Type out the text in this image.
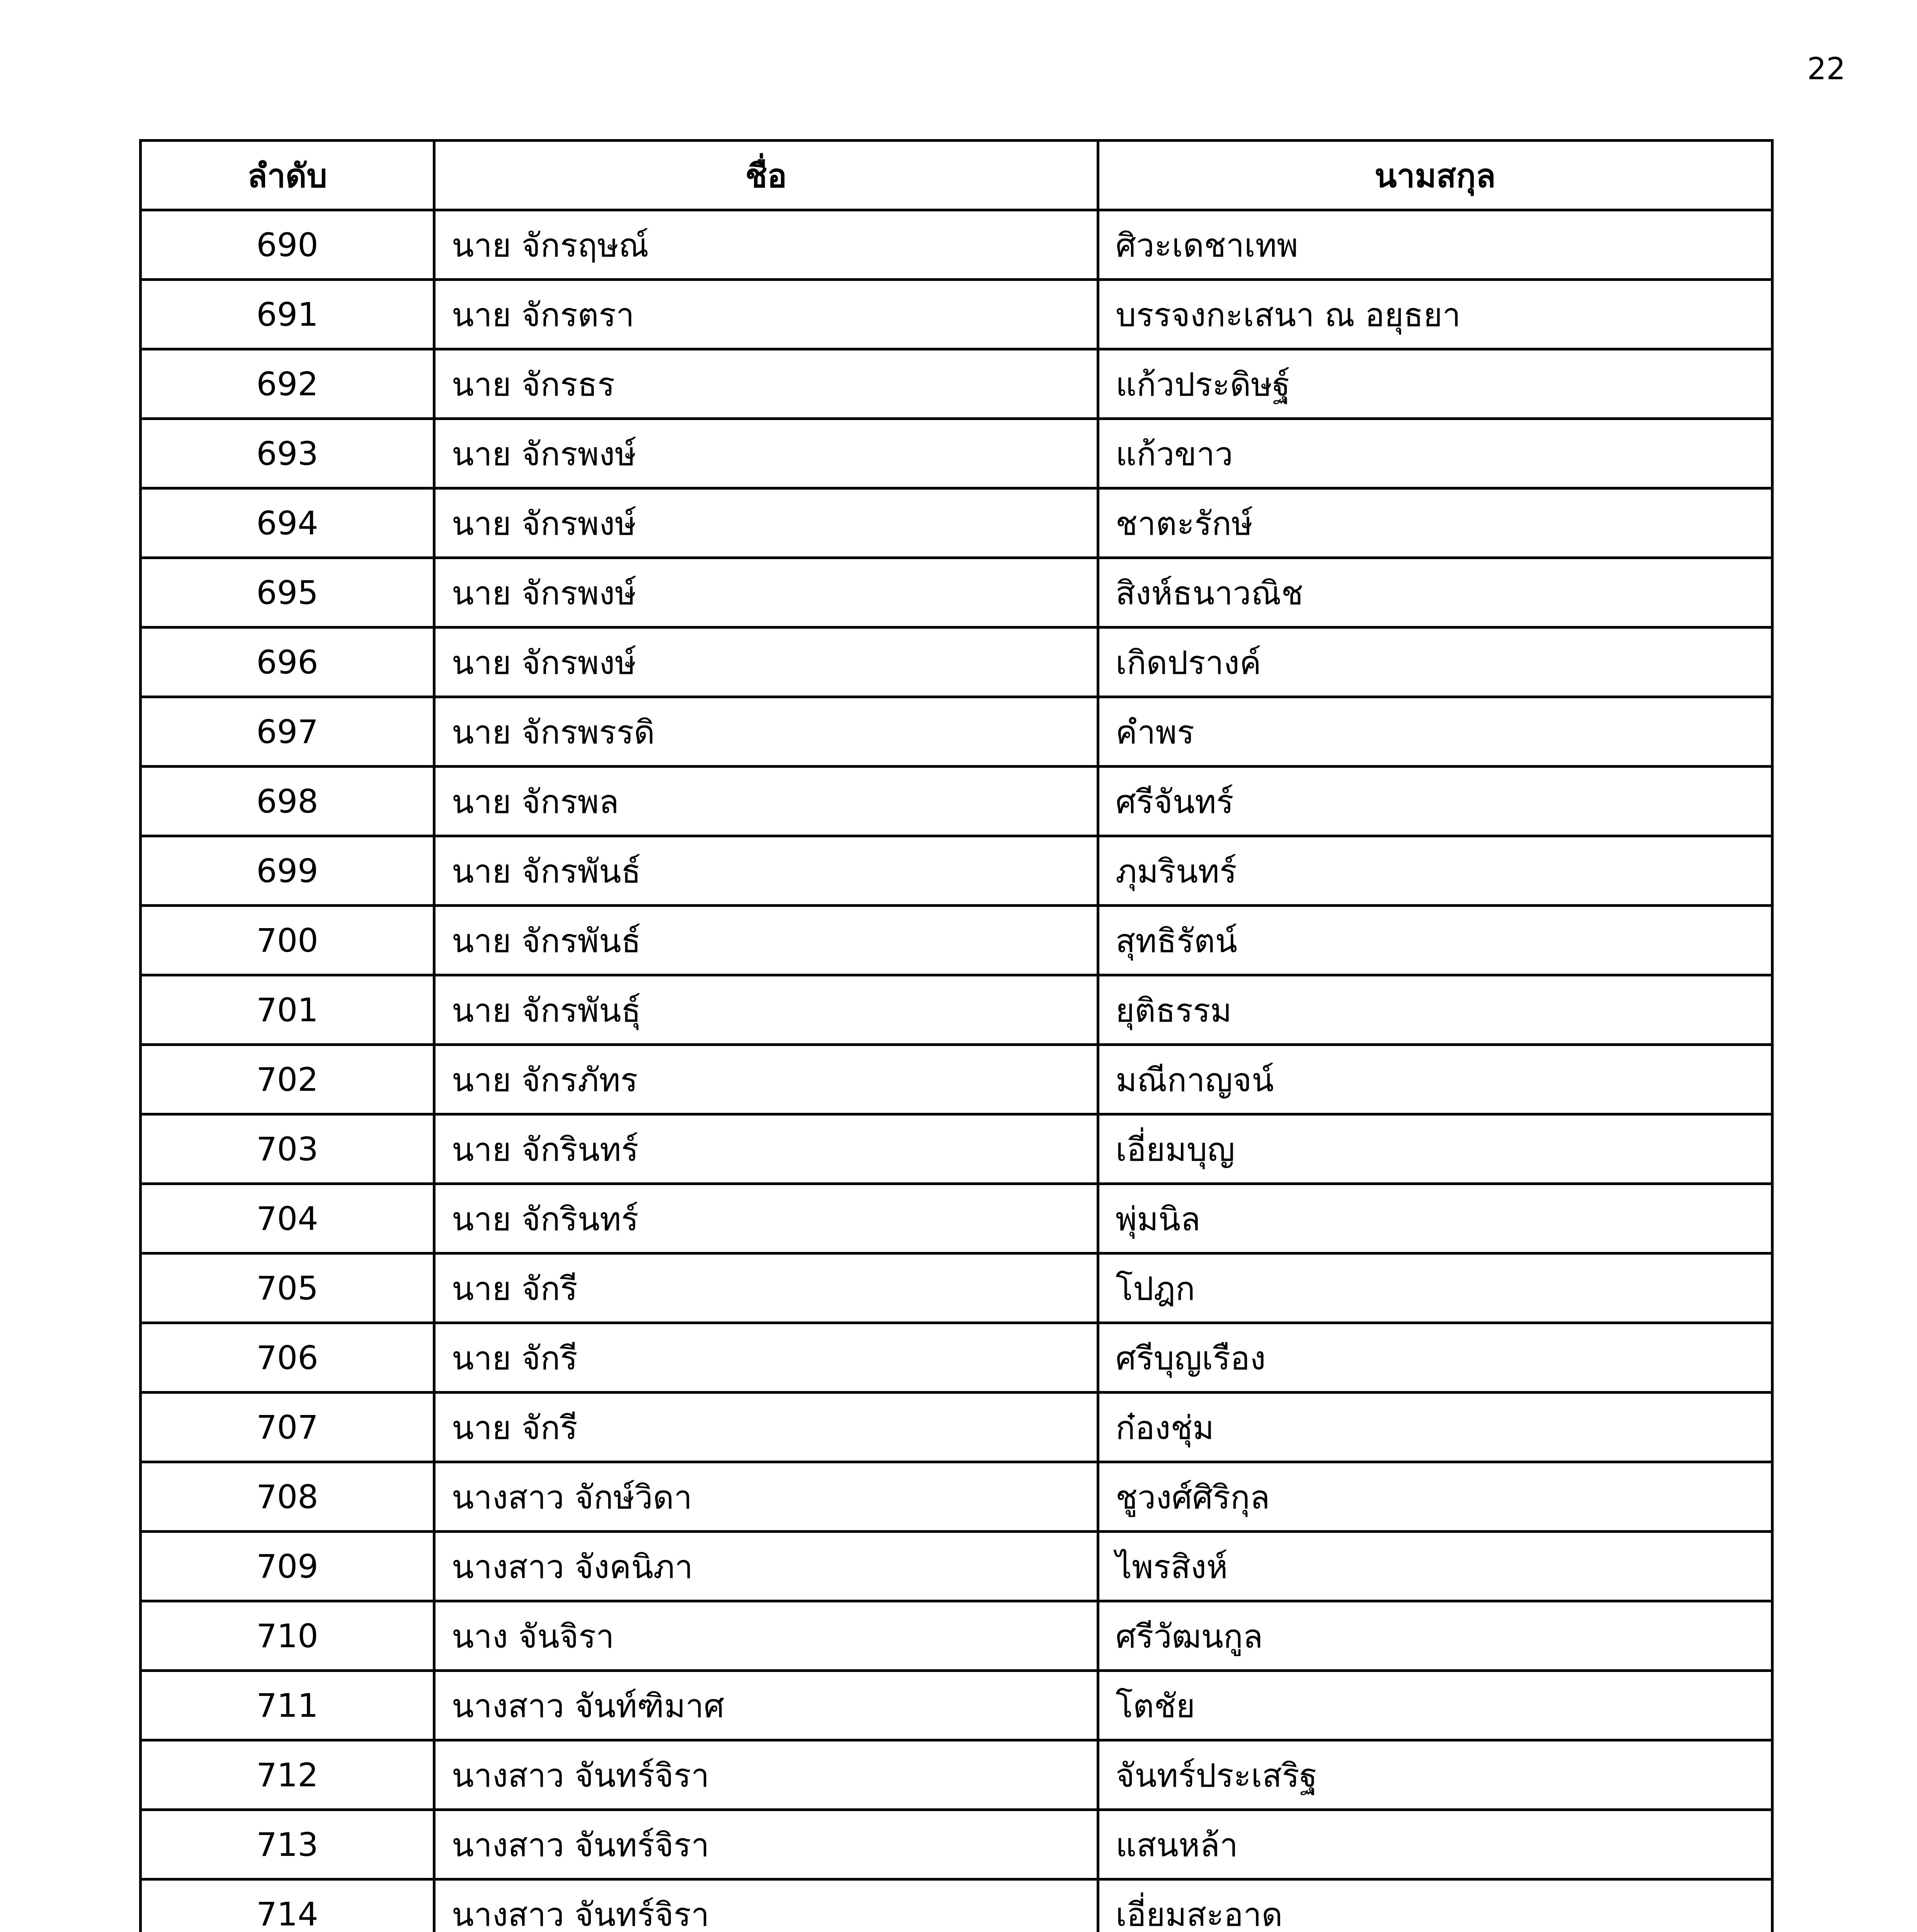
22
ลำดับ	ชื่อ	นามสกุล
690	นาย จักรฤษณ์	ศิวะเดชาเทพ
691	นาย จักรตรา	บรรจงกะเสนา ณ อยุธยา
692	นาย จักรธร	แก้วประดิษฐ์
693	นาย จักรพงษ์	แก้วขาว
694	นาย จักรพงษ์	ชาตะรักษ์
695	นาย จักรพงษ์	สิงห์ธนาวณิช
696	นาย จักรพงษ์	เกิดปรางค์
697	นาย จักรพรรดิ	คำพร
698	นาย จักรพล	ศรีจันทร์
699	นาย จักรพันธ์	ภุมรินทร์
700	นาย จักรพันธ์	สุทธิรัตน์
701	นาย จักรพันธุ์	ยุติธรรม
702	นาย จักรภัทร	มณีกาญจน์
703	นาย จักรินทร์	เอี่ยมบุญ
704	นาย จักรินทร์	พุ่มนิล
705	นาย จักรี	โปฎก
706	นาย จักรี	ศรีบุญเรือง
707	นาย จักรี	ก๋องชุ่ม
708	นางสาว จักษ์วิดา	ชูวงศ์ศิริกุล
709	นางสาว จังคนิภา	ไพรสิงห์
710	นาง จันจิรา	ศรีวัฒนกูล
711	นางสาว จันท์ฑิมาศ	โตชัย
712	นางสาว จันทร์จิรา	จันทร์ประเสริฐ
713	นางสาว จันทร์จิรา	แสนหล้า
714	นางสาว จันทร์จิรา	เอี่ยมสะอาด
